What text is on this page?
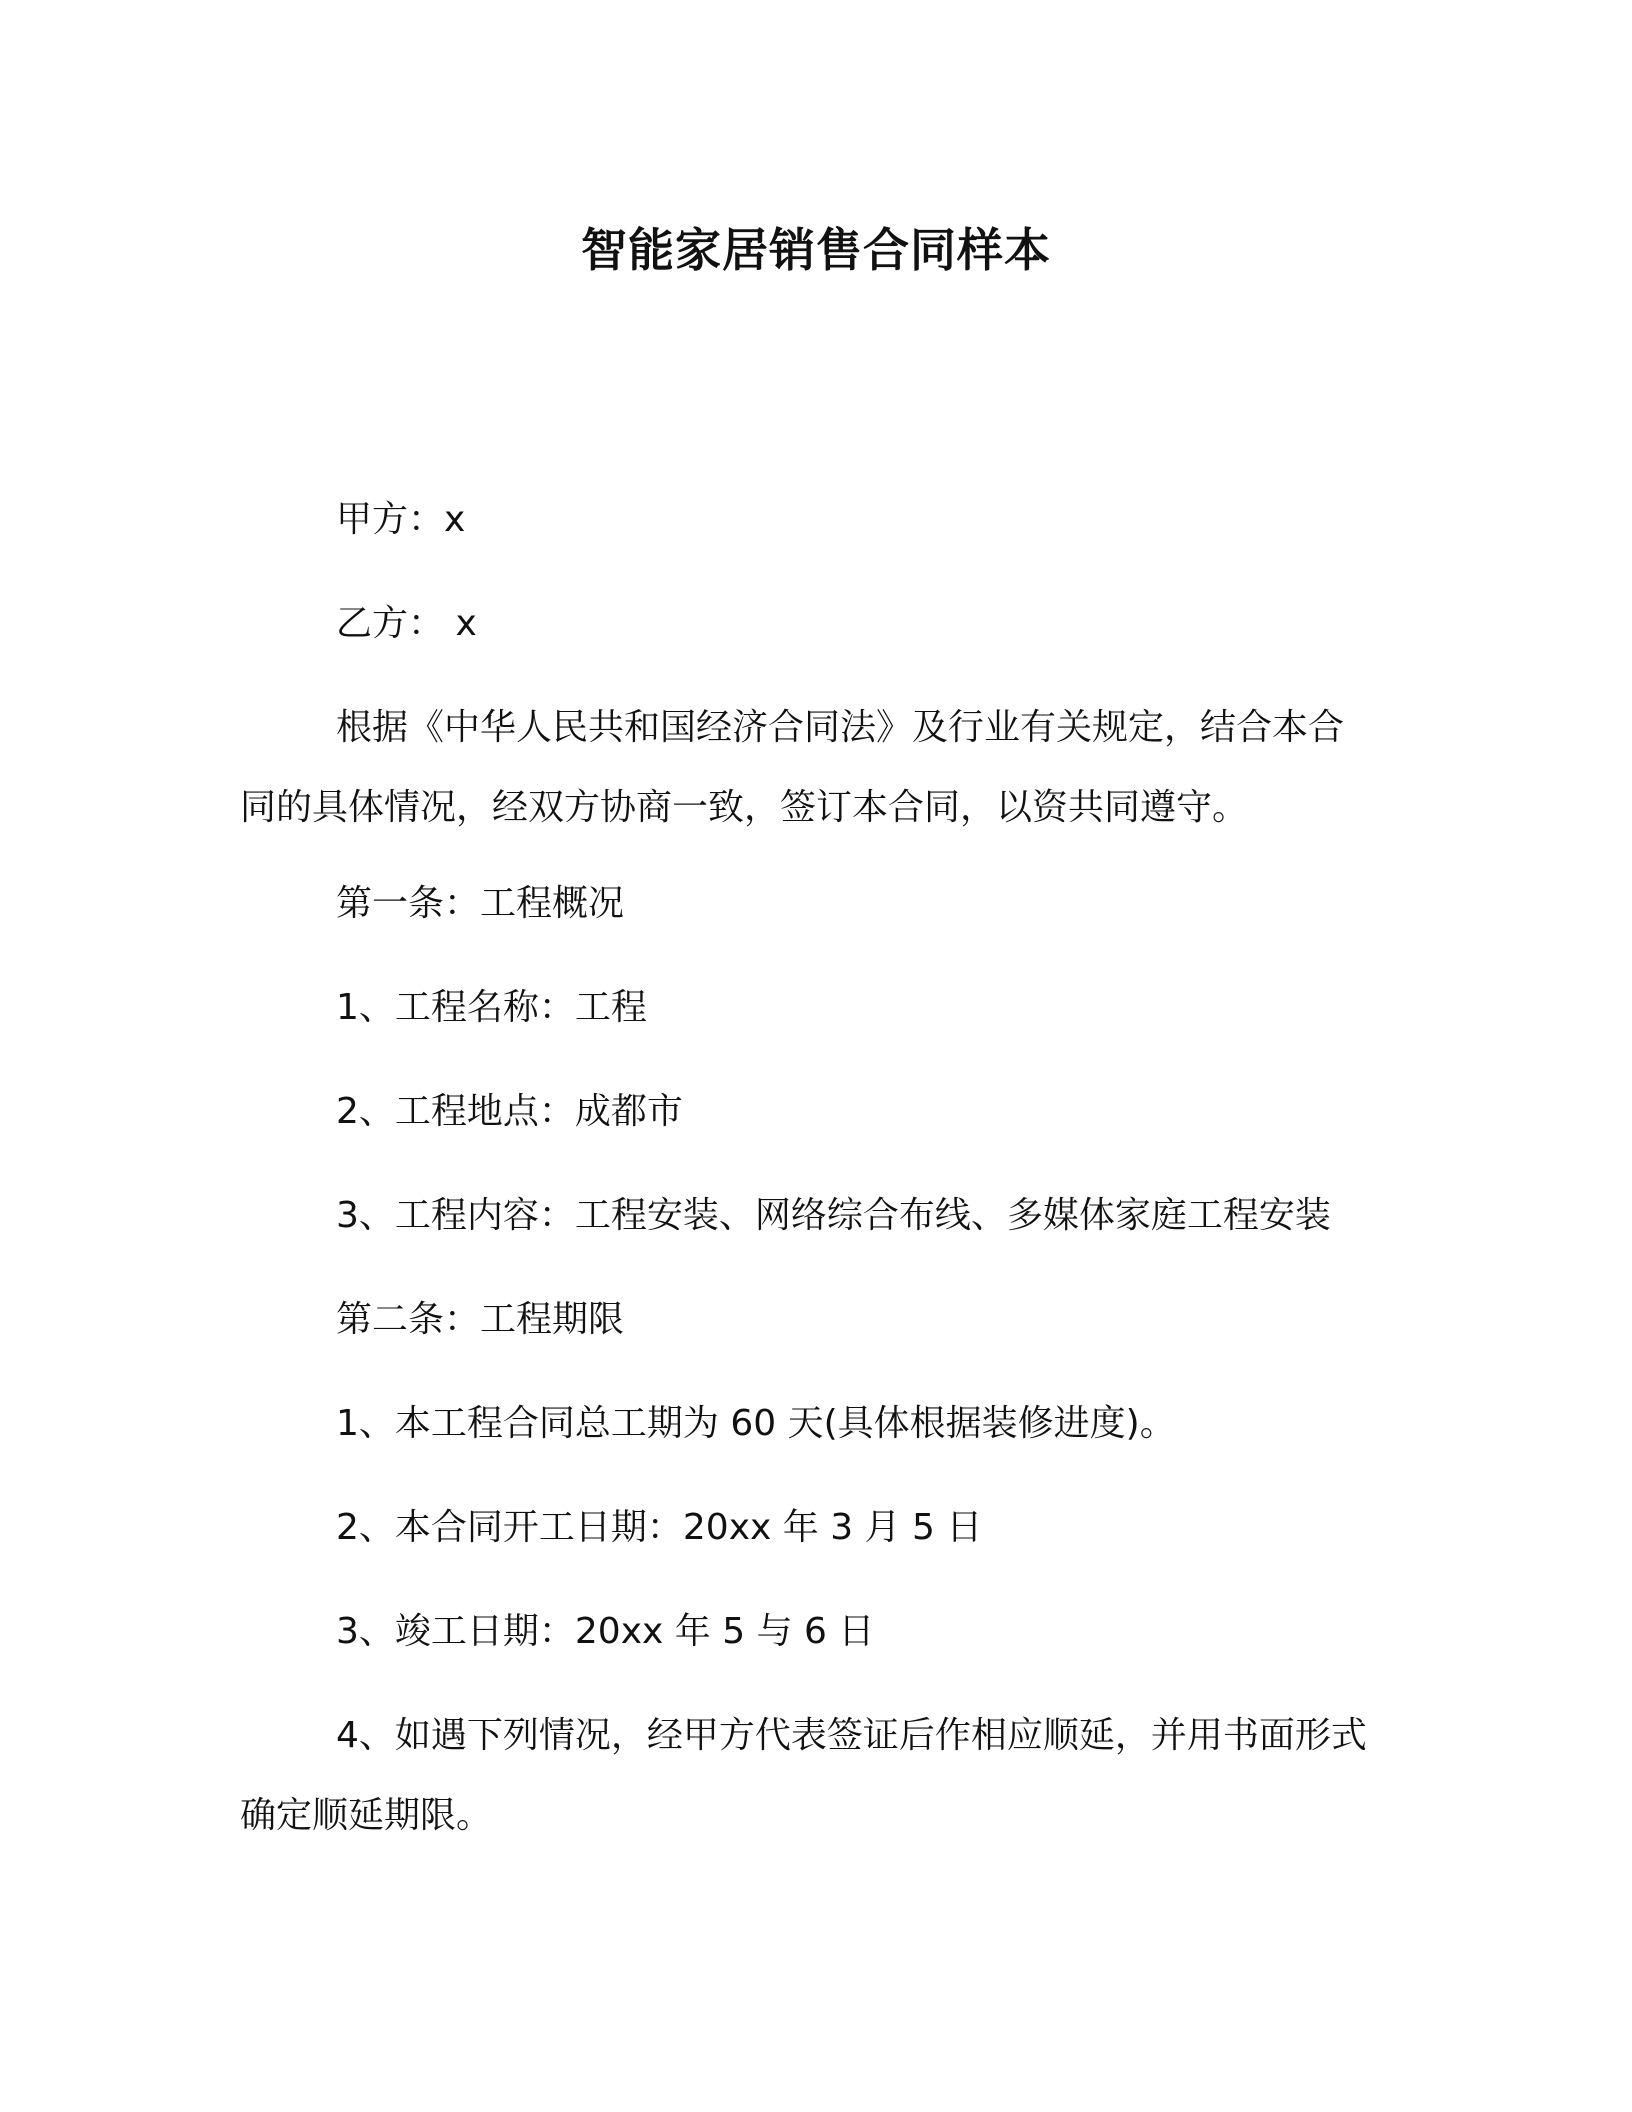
智能家居销售合同样本

甲方：x

乙方： x

根据《中华人民共和国经济合同法》及行业有关规定，结合本合同的具体情况，经双方协商一致，签订本合同，以资共同遵守。

第一条：工程概况

1、工程名称：工程

2、工程地点：成都市

3、工程内容：工程安装、网络综合布线、多媒体家庭工程安装

第二条：工程期限

1、本工程合同总工期为 60 天(具体根据装修进度)。

2、本合同开工日期：20xx 年 3 月 5 日

3、竣工日期：20xx 年 5 与 6 日

4、如遇下列情况，经甲方代表签证后作相应顺延，并用书面形式确定顺延期限。
